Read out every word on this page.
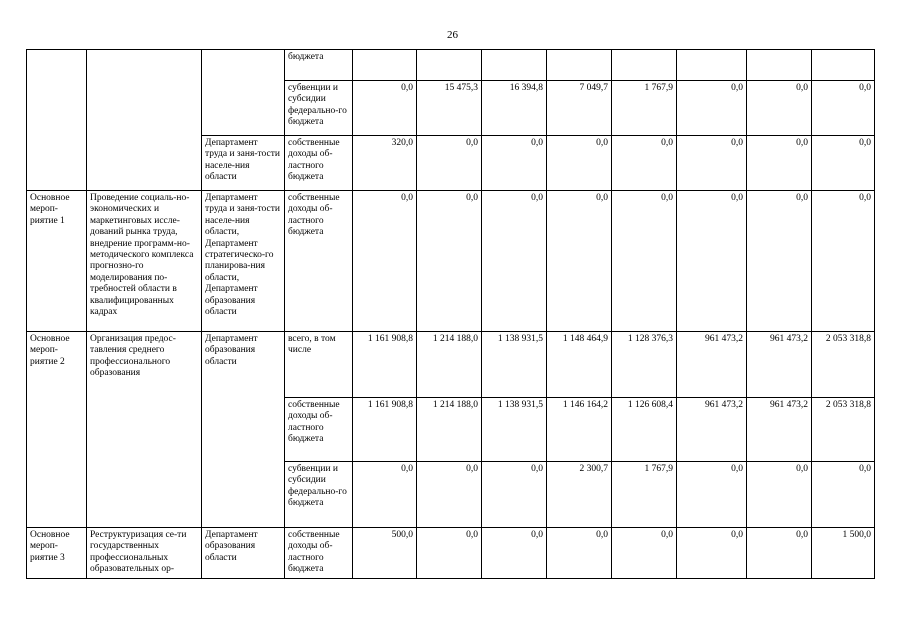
26
			бюджета								
			субвенции и субсидии федерально-го бюджета	0,0	15 475,3	16 394,8	7 049,7	1 767,9	0,0	0,0	0,0
		Департамент труда и заня-тости населе-ния области	собственные доходы об-ластного бюджета	320,0	0,0	0,0	0,0	0,0	0,0	0,0	0,0
Основное мероп-риятие 1	Проведение социаль-но-экономических и маркетинговых иссле-дований рынка труда, внедрение программ-но-методического комплекса прогнозно-го моделирования по-требностей области в квалифицированных кадрах	Департамент труда и заня-тости населе-ния области, Департамент стратегическо-го планирова-ния области, Департамент образования области	собственные доходы об-ластного бюджета	0,0	0,0	0,0	0,0	0,0	0,0	0,0	0,0
Основное мероп-риятие 2	Организация предос-тавления среднего профессионального образования	Департамент образования области	всего, в том числе	1 161 908,8	1 214 188,0	1 138 931,5	1 148 464,9	1 128 376,3	961 473,2	961 473,2	2 053 318,8
			собственные доходы об-ластного бюджета	1 161 908,8	1 214 188,0	1 138 931,5	1 146 164,2	1 126 608,4	961 473,2	961 473,2	2 053 318,8
			субвенции и субсидии федерально-го бюджета	0,0	0,0	0,0	2 300,7	1 767,9	0,0	0,0	0,0
Основное мероп-риятие 3	Реструктуризация се-ти государственных профессиональных образовательных ор-	Департамент образования области	собственные доходы об-ластного бюджета	500,0	0,0	0,0	0,0	0,0	0,0	0,0	1 500,0
